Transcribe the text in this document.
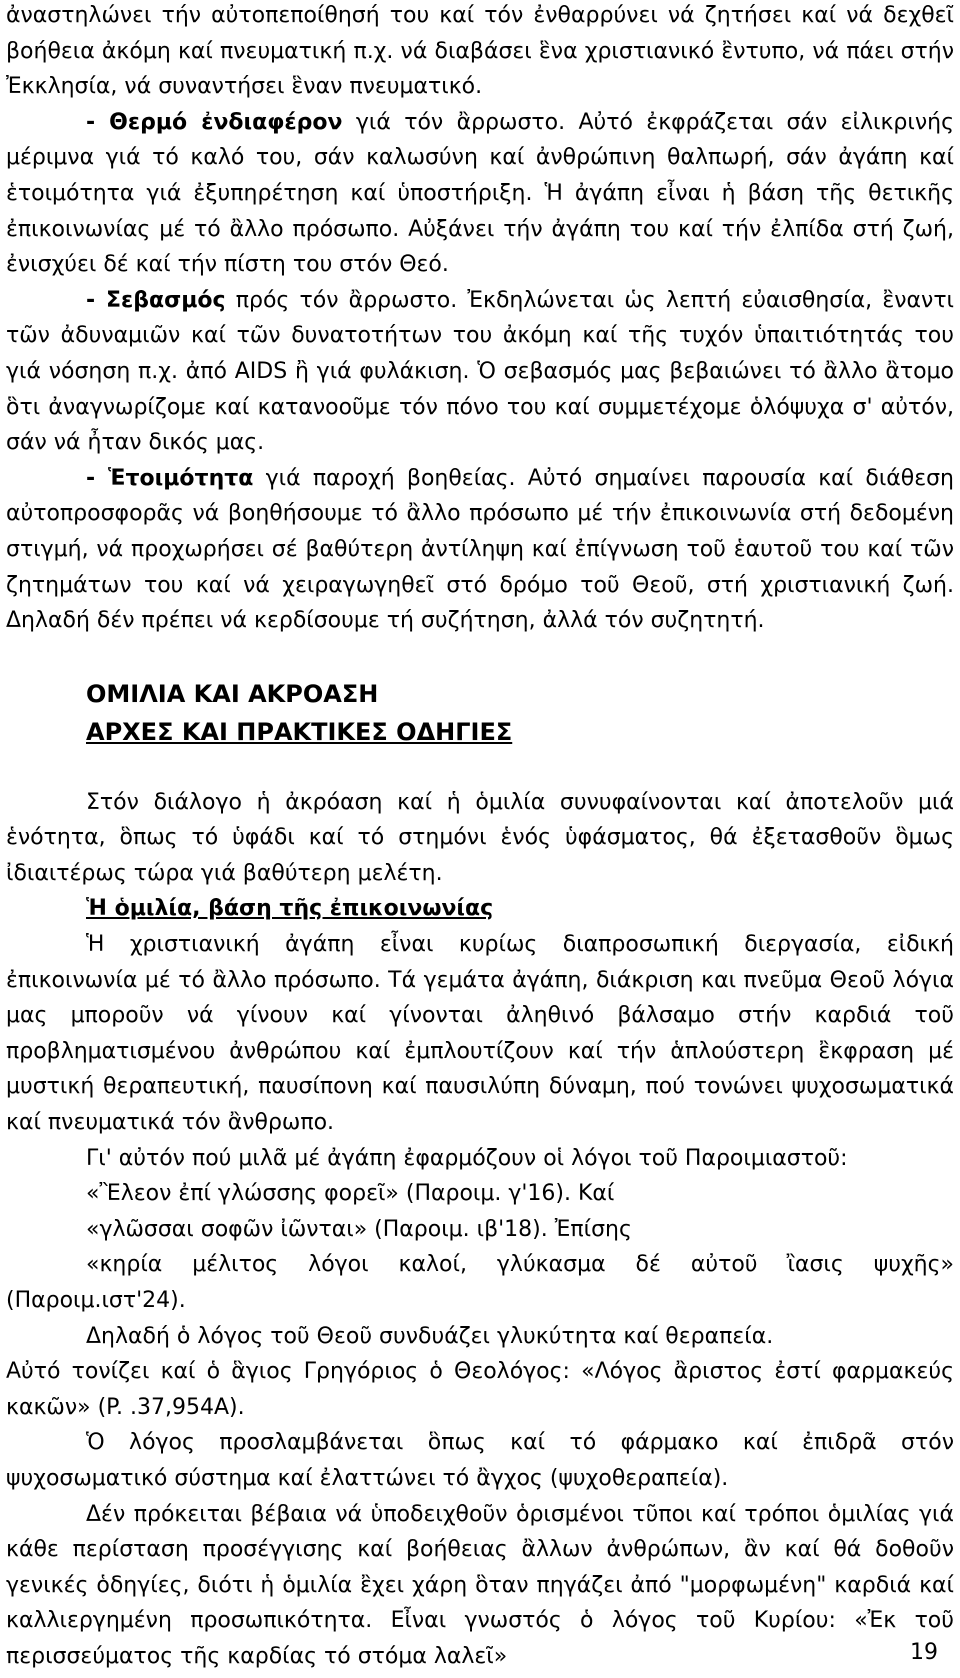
ἀναστηλώνει τήν αὐτοπεποίθησή του καί τόν ἐνθαρρύνει νά ζητήσει καί νά δεχθεῖ βοήθεια ἀκόμη καί πνευματική π.χ. νά διαβάσει ἓνα χριστιανικό ἒντυπο, νά πάει στήν Ἐκκλησία, νά συναντήσει ἓναν πνευματικό.

- Θερμό ἐνδιαφέρον γιά τόν ἂρρωστο. Αὐτό ἐκφράζεται σάν εἰλικρινής μέριμνα γιά τό καλό του, σάν καλωσύνη καί ἀνθρώπινη θαλπωρή, σάν ἀγάπη καί ἑτοιμότητα γιά ἐξυπηρέτηση καί ὑποστήριξη. Ἡ ἀγάπη εἶναι ἡ βάση τῆς θετικῆς ἐπικοινωνίας μέ τό ἂλλο πρόσωπο. Αὐξάνει τήν ἀγάπη του καί τήν ἐλπίδα στή ζωή, ἐνισχύει δέ καί τήν πίστη του στόν Θεό.

- Σεβασμός πρός τόν ἂρρωστο. Ἐκδηλώνεται ὡς λεπτή εὐαισθησία, ἒναντι τῶν ἀδυναμιῶν καί τῶν δυνατοτήτων του ἀκόμη καί τῆς τυχόν ὑπαιτιότητάς του γιά νόσηση π.χ. ἀπό AIDS ἢ γιά φυλάκιση. Ὁ σεβασμός μας βεβαιώνει τό ἂλλο ἂτομο ὃτι ἀναγνωρίζομε καί κατανοοῦμε τόν πόνο του καί συμμετέχομε ὁλόψυχα σ' αὐτόν, σάν νά ἦταν δικός μας.

- Ἑτοιμότητα γιά παροχή βοηθείας. Αὐτό σημαίνει παρουσία καί διάθεση αὐτοπροσφορᾶς νά βοηθήσουμε τό ἂλλο πρόσωπο μέ τήν ἐπικοινωνία στή δεδομένη στιγμή, νά προχωρήσει σέ βαθύτερη ἀντίληψη καί ἐπίγνωση τοῦ ἑαυτοῦ του καί τῶν ζητημάτων του καί νά χειραγωγηθεῖ στό δρόμο τοῦ Θεοῦ, στή χριστιανική ζωή. Δηλαδή δέν πρέπει νά κερδίσουμε τή συζήτηση, ἀλλά τόν συζητητή.

ΟΜΙΛΙΑ ΚΑΙ ΑΚΡΟΑΣΗ

ΑΡΧΕΣ ΚΑΙ ΠΡΑΚΤΙΚΕΣ ΟΔΗΓΙΕΣ

Στόν διάλογο ἡ ἀκρόαση καί ἡ ὁμιλία συνυφαίνονται καί ἀποτελοῦν μιά ἑνότητα, ὃπως τό ὑφάδι καί τό στημόνι ἑνός ὑφάσματος, θά ἐξετασθοῦν ὃμως ἰδιαιτέρως τώρα γιά βαθύτερη μελέτη.

Ἡ ὁμιλία, βάση τῆς ἐπικοινωνίας

Ἡ χριστιανική ἀγάπη εἶναι κυρίως διαπροσωπική διεργασία, εἰδική ἐπικοινωνία μέ τό ἂλλο πρόσωπο. Τά γεμάτα ἀγάπη, διάκριση και πνεῦμα Θεοῦ λόγια μας μποροῦν νά γίνουν καί γίνονται ἀληθινό βάλσαμο στήν καρδιά τοῦ προβληματισμένου ἀνθρώπου καί ἐμπλουτίζουν καί τήν ἁπλούστερη ἒκφραση μέ μυστική θεραπευτική, παυσίπονη καί παυσιλύπη δύναμη, πού τονώνει ψυχοσωματικά καί πνευματικά τόν ἂνθρωπο.

Γι' αὐτόν πού μιλᾶ μέ ἀγάπη ἐφαρμόζουν οἱ λόγοι τοῦ Παροιμιαστοῦ:

«Ἒλεον ἐπί γλώσσης φορεῖ» (Παροιμ. γ'16). Καί

«γλῶσσαι σοφῶν ἰῶνται» (Παροιμ. ιβ'18). Ἐπίσης

«κηρία μέλιτος λόγοι καλοί, γλύκασμα δέ αὐτοῦ ἲασις ψυχῆς» (Παροιμ.ιστ'24).

Δηλαδή ὁ λόγος τοῦ Θεοῦ συνδυάζει γλυκύτητα καί θεραπεία.

Αὐτό τονίζει καί ὁ ἃγιος Γρηγόριος ὁ Θεολόγος: «Λόγος ἂριστος ἐστί φαρμακεύς κακῶν» (P. .37,954A).

Ὁ λόγος προσλαμβάνεται ὃπως καί τό φάρμακο καί ἐπιδρᾶ στόν ψυχοσωματικό σύστημα καί ἐλαττώνει τό ἂγχος (ψυχοθεραπεία).

Δέν πρόκειται βέβαια νά ὑποδειχθοῦν ὁρισμένοι τῦποι καί τρόποι ὁμιλίας γιά κάθε περίσταση προσέγγισης καί βοήθειας ἂλλων ἀνθρώπων, ἂν καί θά δοθοῦν γενικές ὁδηγίες, διότι ἡ ὁμιλία ἒχει χάρη ὃταν πηγάζει ἀπό "μορφωμένη" καρδιά καί καλλιεργημένη προσωπικότητα. Εἶναι γνωστός ὁ λόγος τοῦ Κυρίου: «Ἐκ τοῦ περισσεύματος τῆς καρδίας τό στόμα λαλεῖ»	19
